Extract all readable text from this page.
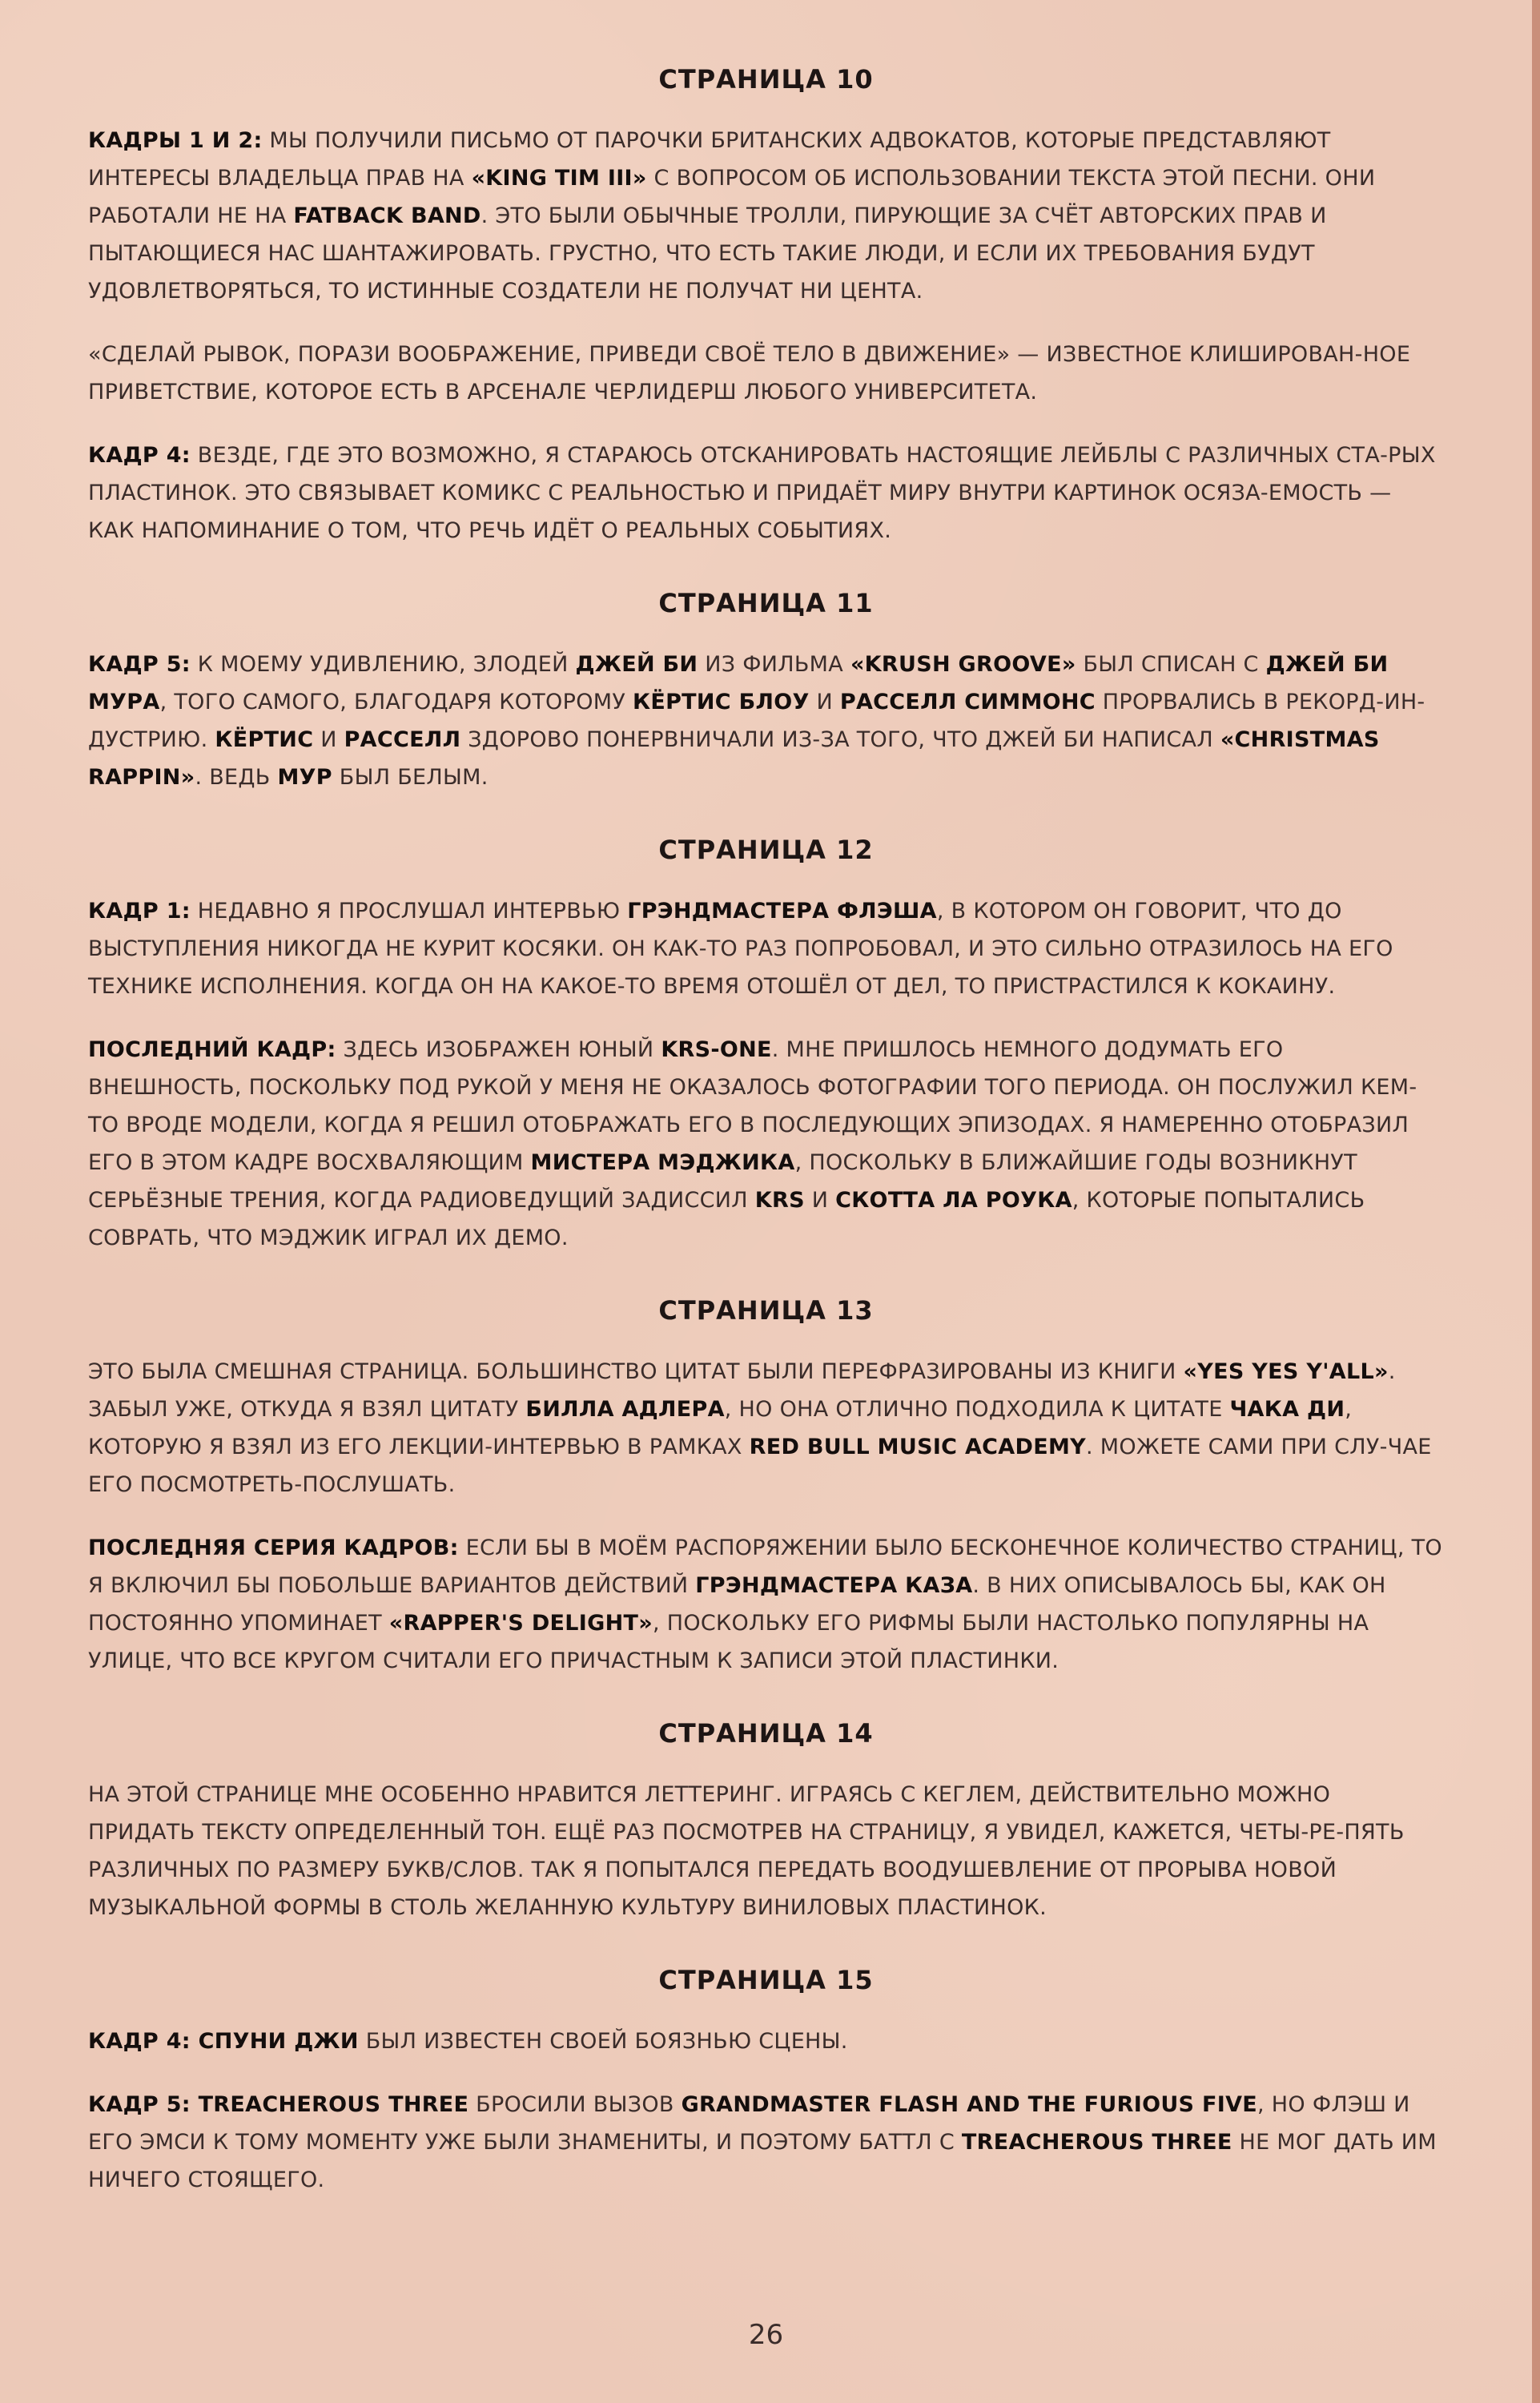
СТРАНИЦА 10

КАДРЫ 1 И 2: МЫ ПОЛУЧИЛИ ПИСЬМО ОТ ПАРОЧКИ БРИТАНСКИХ АДВОКАТОВ, КОТОРЫЕ ПРЕДСТАВЛЯЮТ ИНТЕРЕСЫ ВЛАДЕЛЬЦА ПРАВ НА «KING TIM III» С ВОПРОСОМ ОБ ИСПОЛЬЗОВАНИИ ТЕКСТА ЭТОЙ ПЕСНИ. ОНИ РАБОТАЛИ НЕ НА FATBACK BAND. ЭТО БЫЛИ ОБЫЧНЫЕ ТРОЛЛИ, ПИРУЮЩИЕ ЗА СЧЁТ АВТОРСКИХ ПРАВ И ПЫТАЮЩИЕСЯ НАС ШАНТАЖИРОВАТЬ. ГРУСТНО, ЧТО ЕСТЬ ТАКИЕ ЛЮДИ, И ЕСЛИ ИХ ТРЕБОВАНИЯ БУДУТ УДОВЛЕТВОРЯТЬСЯ, ТО ИСТИННЫЕ СОЗДАТЕЛИ НЕ ПОЛУЧАТ НИ ЦЕНТА.

«СДЕЛАЙ РЫВОК, ПОРАЗИ ВООБРАЖЕНИЕ, ПРИВЕДИ СВОЁ ТЕЛО В ДВИЖЕНИЕ» — ИЗВЕСТНОЕ КЛИШИРОВАН-НОЕ ПРИВЕТСТВИЕ, КОТОРОЕ ЕСТЬ В АРСЕНАЛЕ ЧЕРЛИДЕРШ ЛЮБОГО УНИВЕРСИТЕТА.

КАДР 4: ВЕЗДЕ, ГДЕ ЭТО ВОЗМОЖНО, Я СТАРАЮСЬ ОТСКАНИРОВАТЬ НАСТОЯЩИЕ ЛЕЙБЛЫ С РАЗЛИЧНЫХ СТА-РЫХ ПЛАСТИНОК. ЭТО СВЯЗЫВАЕТ КОМИКС С РЕАЛЬНОСТЬЮ И ПРИДАЁТ МИРУ ВНУТРИ КАРТИНОК ОСЯЗА-ЕМОСТЬ — КАК НАПОМИНАНИЕ О ТОМ, ЧТО РЕЧЬ ИДЁТ О РЕАЛЬНЫХ СОБЫТИЯХ.

СТРАНИЦА 11

КАДР 5: К МОЕМУ УДИВЛЕНИЮ, ЗЛОДЕЙ ДЖЕЙ БИ ИЗ ФИЛЬМА «KRUSH GROOVE» БЫЛ СПИСАН С ДЖЕЙ БИ МУРА, ТОГО САМОГО, БЛАГОДАРЯ КОТОРОМУ КЁРТИС БЛОУ И РАССЕЛЛ СИММОНС ПРОРВАЛИСЬ В РЕКОРД-ИН-ДУСТРИЮ. КЁРТИС И РАССЕЛЛ ЗДОРОВО ПОНЕРВНИЧАЛИ ИЗ-ЗА ТОГО, ЧТО ДЖЕЙ БИ НАПИСАЛ «CHRISTMAS RAPPIN». ВЕДЬ МУР БЫЛ БЕЛЫМ.

СТРАНИЦА 12

КАДР 1: НЕДАВНО Я ПРОСЛУШАЛ ИНТЕРВЬЮ ГРЭНДМАСТЕРА ФЛЭША, В КОТОРОМ ОН ГОВОРИТ, ЧТО ДО ВЫСТУПЛЕНИЯ НИКОГДА НЕ КУРИТ КОСЯКИ. ОН КАК-ТО РАЗ ПОПРОБОВАЛ, И ЭТО СИЛЬНО ОТРАЗИЛОСЬ НА ЕГО ТЕХНИКЕ ИСПОЛНЕНИЯ. КОГДА ОН НА КАКОЕ-ТО ВРЕМЯ ОТОШЁЛ ОТ ДЕЛ, ТО ПРИСТРАСТИЛСЯ К КОКАИНУ.

ПОСЛЕДНИЙ КАДР: ЗДЕСЬ ИЗОБРАЖЕН ЮНЫЙ KRS-ONE. МНЕ ПРИШЛОСЬ НЕМНОГО ДОДУМАТЬ ЕГО ВНЕШНОСТЬ, ПОСКОЛЬКУ ПОД РУКОЙ У МЕНЯ НЕ ОКАЗАЛОСЬ ФОТОГРАФИИ ТОГО ПЕРИОДА. ОН ПОСЛУЖИЛ КЕМ-ТО ВРОДЕ МОДЕЛИ, КОГДА Я РЕШИЛ ОТОБРАЖАТЬ ЕГО В ПОСЛЕДУЮЩИХ ЭПИЗОДАХ. Я НАМЕРЕННО ОТОБРАЗИЛ ЕГО В ЭТОМ КАДРЕ ВОСХВАЛЯЮЩИМ МИСТЕРА МЭДЖИКА, ПОСКОЛЬКУ В БЛИЖАЙШИЕ ГОДЫ ВОЗНИКНУТ СЕРЬЁЗНЫЕ ТРЕНИЯ, КОГДА РАДИОВЕДУЩИЙ ЗАДИССИЛ KRS И СКОТТА ЛА РОУКА, КОТОРЫЕ ПОПЫТАЛИСЬ СОВРАТЬ, ЧТО МЭДЖИК ИГРАЛ ИХ ДЕМО.

СТРАНИЦА 13

ЭТО БЫЛА СМЕШНАЯ СТРАНИЦА. БОЛЬШИНСТВО ЦИТАТ БЫЛИ ПЕРЕФРАЗИРОВАНЫ ИЗ КНИГИ «YES YES Y'ALL». ЗАБЫЛ УЖЕ, ОТКУДА Я ВЗЯЛ ЦИТАТУ БИЛЛА АДЛЕРА, НО ОНА ОТЛИЧНО ПОДХОДИЛА К ЦИТАТЕ ЧАКА ДИ, КОТОРУЮ Я ВЗЯЛ ИЗ ЕГО ЛЕКЦИИ-ИНТЕРВЬЮ В РАМКАХ RED BULL MUSIC ACADEMY. МОЖЕТЕ САМИ ПРИ СЛУ-ЧАЕ ЕГО ПОСМОТРЕТЬ-ПОСЛУШАТЬ.

ПОСЛЕДНЯЯ СЕРИЯ КАДРОВ: ЕСЛИ БЫ В МОЁМ РАСПОРЯЖЕНИИ БЫЛО БЕСКОНЕЧНОЕ КОЛИЧЕСТВО СТРАНИЦ, ТО Я ВКЛЮЧИЛ БЫ ПОБОЛЬШЕ ВАРИАНТОВ ДЕЙСТВИЙ ГРЭНДМАСТЕРА КАЗА. В НИХ ОПИСЫВАЛОСЬ БЫ, КАК ОН ПОСТОЯННО УПОМИНАЕТ «RAPPER'S DELIGHT», ПОСКОЛЬКУ ЕГО РИФМЫ БЫЛИ НАСТОЛЬКО ПОПУЛЯРНЫ НА УЛИЦЕ, ЧТО ВСЕ КРУГОМ СЧИТАЛИ ЕГО ПРИЧАСТНЫМ К ЗАПИСИ ЭТОЙ ПЛАСТИНКИ.

СТРАНИЦА 14

НА ЭТОЙ СТРАНИЦЕ МНЕ ОСОБЕННО НРАВИТСЯ ЛЕТТЕРИНГ. ИГРАЯСЬ С КЕГЛЕМ, ДЕЙСТВИТЕЛЬНО МОЖНО ПРИДАТЬ ТЕКСТУ ОПРЕДЕЛЕННЫЙ ТОН. ЕЩЁ РАЗ ПОСМОТРЕВ НА СТРАНИЦУ, Я УВИДЕЛ, КАЖЕТСЯ, ЧЕТЫ-РЕ-ПЯТЬ РАЗЛИЧНЫХ ПО РАЗМЕРУ БУКВ/СЛОВ. ТАК Я ПОПЫТАЛСЯ ПЕРЕДАТЬ ВООДУШЕВЛЕНИЕ ОТ ПРОРЫВА НОВОЙ МУЗЫКАЛЬНОЙ ФОРМЫ В СТОЛЬ ЖЕЛАННУЮ КУЛЬТУРУ ВИНИЛОВЫХ ПЛАСТИНОК.

СТРАНИЦА 15

КАДР 4: СПУНИ ДЖИ БЫЛ ИЗВЕСТЕН СВОЕЙ БОЯЗНЬЮ СЦЕНЫ.

КАДР 5: TREACHEROUS THREE БРОСИЛИ ВЫЗОВ GRANDMASTER FLASH AND THE FURIOUS FIVE, НО ФЛЭШ И ЕГО ЭМСИ К ТОМУ МОМЕНТУ УЖЕ БЫЛИ ЗНАМЕНИТЫ, И ПОЭТОМУ БАТТЛ С TREACHEROUS THREE НЕ МОГ ДАТЬ ИМ НИЧЕГО СТОЯЩЕГО.

26
